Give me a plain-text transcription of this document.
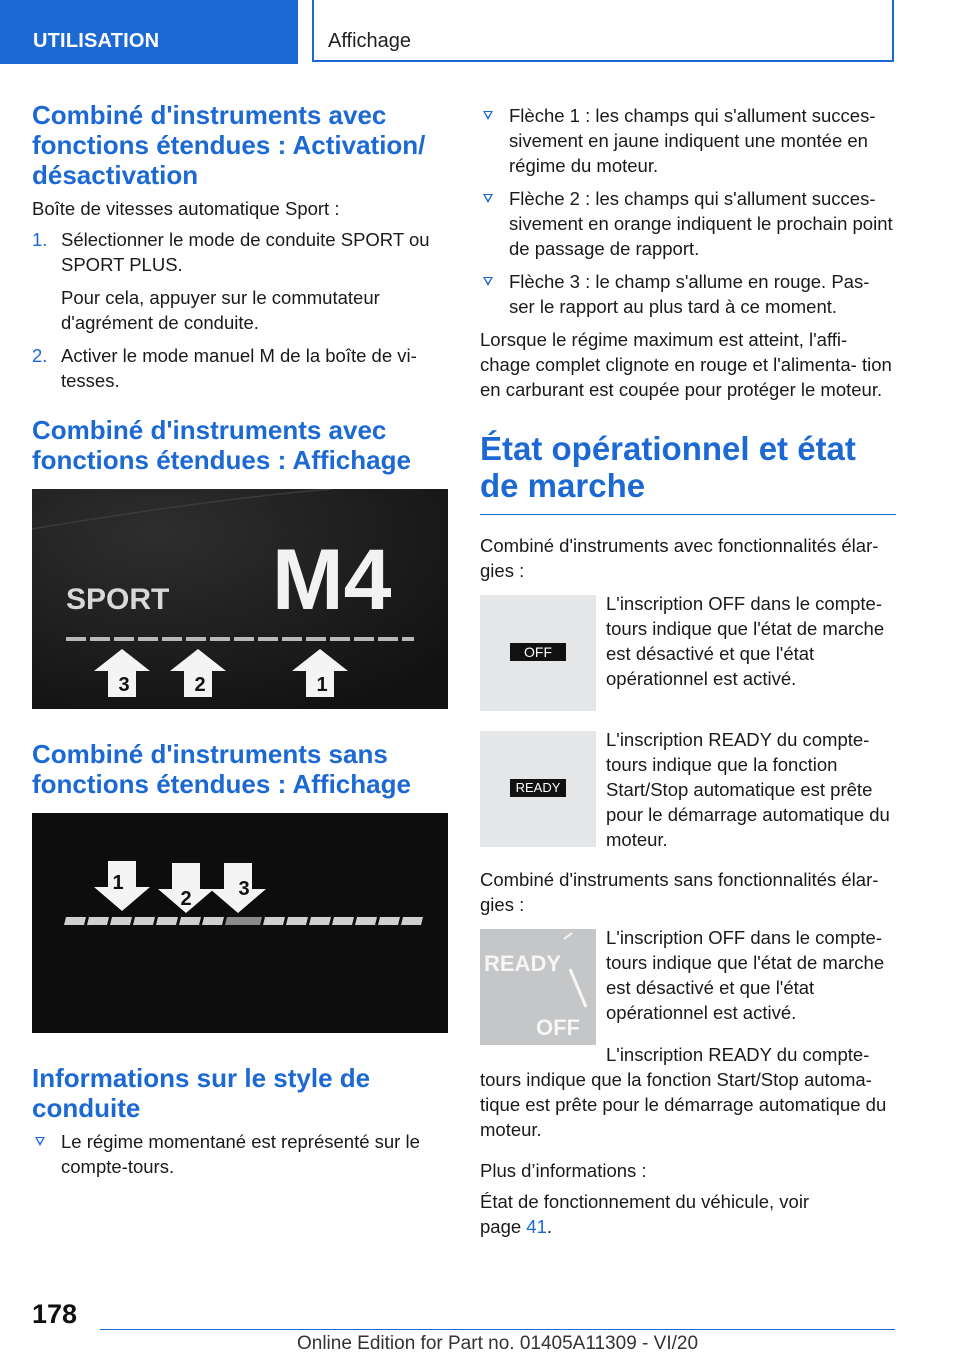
UTILISATION	Affichage
Combiné d'instruments avec fonctions étendues : Activation/ désactivation

Boîte de vitesses automatique Sport :

1. Sélectionner le mode de conduite SPORT ou SPORT PLUS.

Pour cela, appuyer sur le commutateur d'agrément de conduite.

2. Activer le mode manuel M de la boîte de vi‐ tesses.

Combiné d'instruments avec fonctions étendues : Affichage
SPORT M4
3	2	1
Combiné d'instruments sans fonctions étendues : Affichage
1
2 3
Informations sur le style de conduite

Le régime momentané est représenté sur le compte-tours.

Flèche 1 : les champs qui s'allument succes‐ sivement en jaune indiquent une montée en régime du moteur.

Flèche 2 : les champs qui s'allument succes‐ sivement en orange indiquent le prochain point de passage de rapport.

Flèche 3 : le champ s'allume en rouge. Pas‐ ser le rapport au plus tard à ce moment.

Lorsque le régime maximum est atteint, l'affi‐ chage complet clignote en rouge et l'alimenta‐ tion en carburant est coupée pour protéger le moteur.

État opérationnel et état de marche

Combiné d'instruments avec fonctionnalités élar‐ gies :

OFF

L'inscription OFF dans le compte-tours indique que l'état de marche est désactivé et que l'état opérationnel est activé.

READY

L'inscription READY du compte-tours indique que la fonction Start/Stop automatique est prête pour le démarrage automatique du moteur.

Combiné d'instruments sans fonctionnalités élar‐ gies :

READY
OFF

L'inscription OFF dans le compte-tours indique que l'état de marche est désactivé et que l'état opérationnel est activé.

L'inscription READY du compte-

tours indique que la fonction Start/Stop automa‐ tique est prête pour le démarrage automatique du moteur.

Plus d’informations :

État de fonctionnement du véhicule, voir page 41.

178
Online Edition for Part no. 01405A11309 - VI/20
